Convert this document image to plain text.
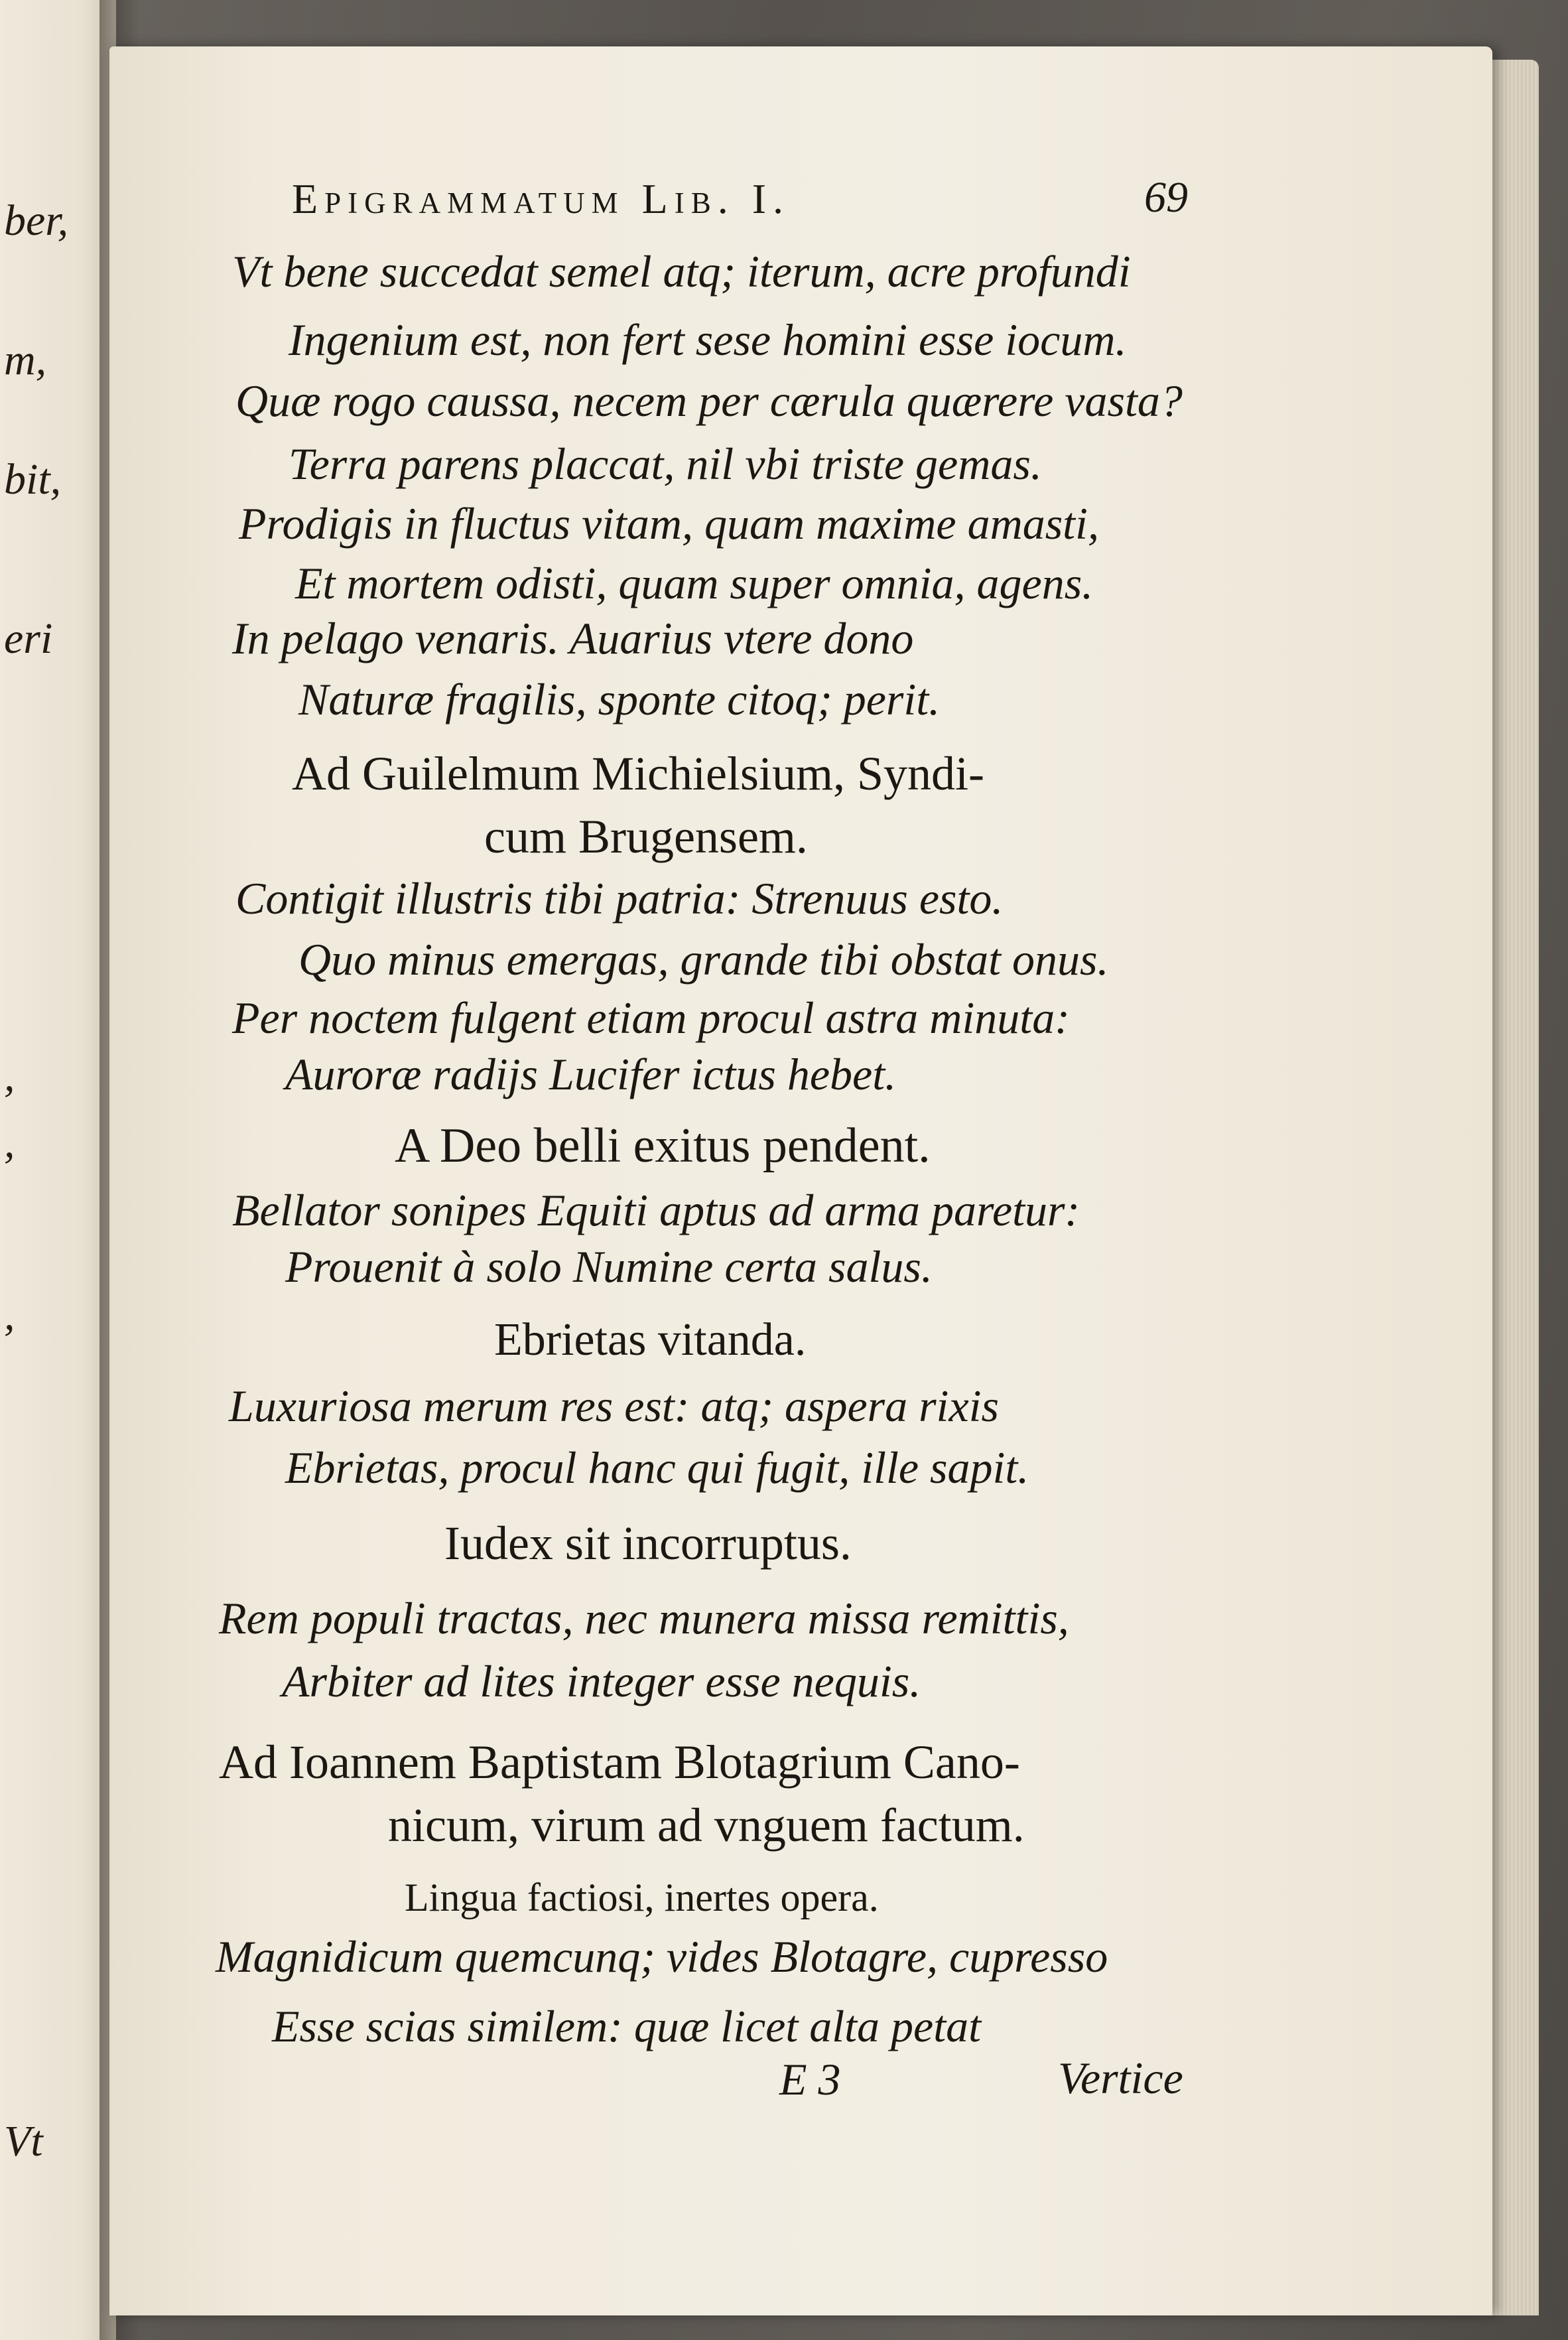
ber,
m,
bit,
eri
,
,
,
Vt
Epigrammatum Lib. I.	69
Vt bene succedat semel atq; iterum, acre profundi
Ingenium est, non fert sese homini esse iocum.
Quæ rogo caussa, necem per cærula quærere vasta?
Terra parens placcat, nil vbi triste gemas.
Prodigis in fluctus vitam, quam maxime amasti,
Et mortem odisti, quam super omnia, agens.
In pelago venaris. Auarius vtere dono
Naturæ fragilis, sponte citoq; perit.
Ad Guilelmum Michielsium, Syndi-
cum Brugensem.
Contigit illustris tibi patria: Strenuus esto.
Quo minus emergas, grande tibi obstat onus.
Per noctem fulgent etiam procul astra minuta:
Auroræ radijs Lucifer ictus hebet.
A Deo belli exitus pendent.
Bellator sonipes Equiti aptus ad arma paretur:
Prouenit à solo Numine certa salus.
Ebrietas vitanda.
Luxuriosa merum res est: atq; aspera rixis
Ebrietas, procul hanc qui fugit, ille sapit.
Iudex sit incorruptus.
Rem populi tractas, nec munera missa remittis,
Arbiter ad lites integer esse nequis.
Ad Ioannem Baptistam Blotagrium Cano-
nicum, virum ad vnguem factum.
Lingua factiosi, inertes opera.
Magnidicum quemcunq; vides Blotagre, cupresso
Esse scias similem: quæ licet alta petat
E 3	Vertice
